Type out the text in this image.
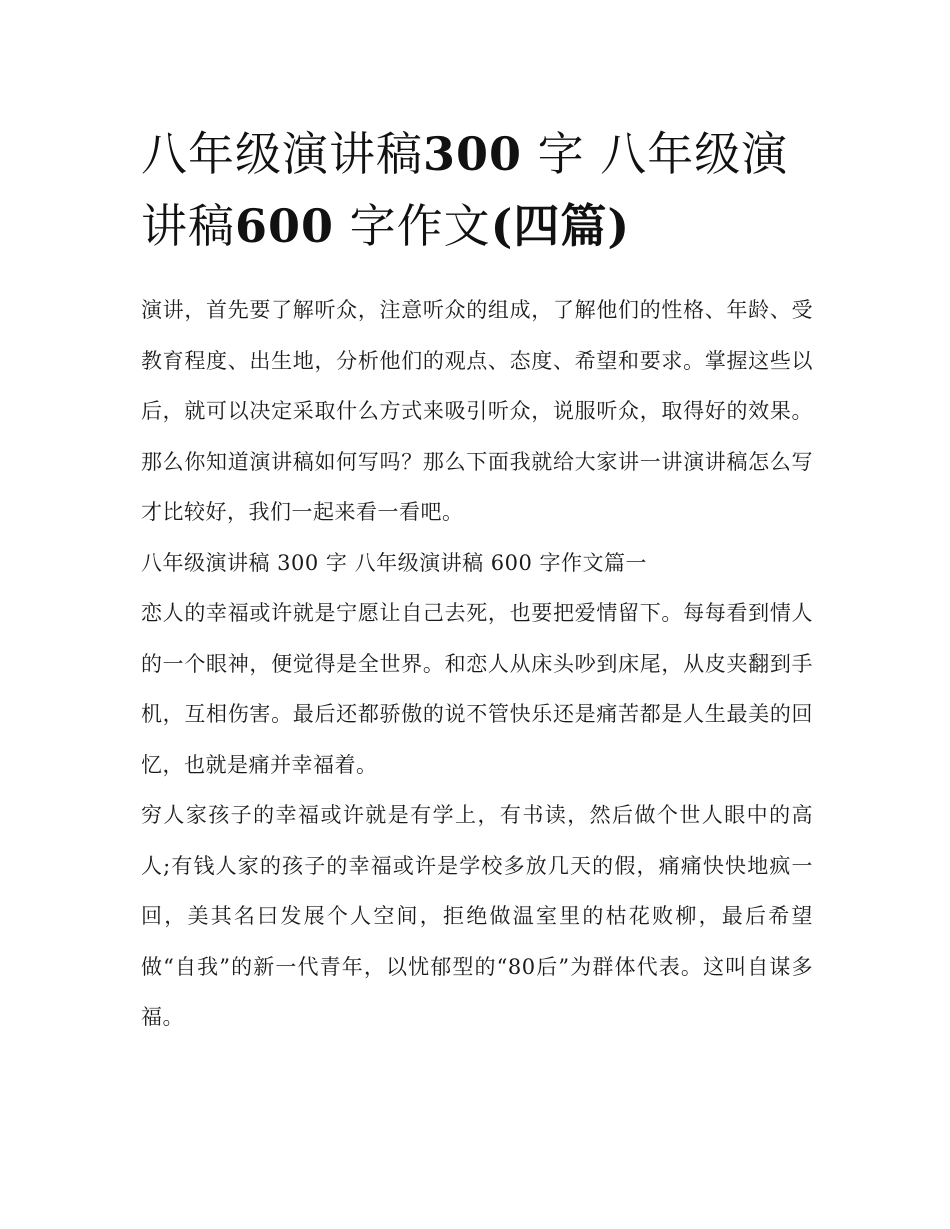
八年级演讲稿300 字 八年级演讲稿600 字作文(四篇)

演讲，首先要了解听众，注意听众的组成，了解他们的性格、年龄、受教育程度、出生地，分析他们的观点、态度、希望和要求。掌握这些以后，就可以决定采取什么方式来吸引听众，说服听众，取得好的效果。那么你知道演讲稿如何写吗？那么下面我就给大家讲一讲演讲稿怎么写才比较好，我们一起来看一看吧。

八年级演讲稿 300 字 八年级演讲稿 600 字作文篇一

恋人的幸福或许就是宁愿让自己去死，也要把爱情留下。每每看到情人的一个眼神，便觉得是全世界。和恋人从床头吵到床尾，从皮夹翻到手机，互相伤害。最后还都骄傲的说不管快乐还是痛苦都是人生最美的回忆，也就是痛并幸福着。

穷人家孩子的幸福或许就是有学上，有书读，然后做个世人眼中的高人;有钱人家的孩子的幸福或许是学校多放几天的假，痛痛快快地疯一回，美其名曰发展个人空间，拒绝做温室里的枯花败柳，最后希望做“自我”的新一代青年，以忧郁型的“80后”为群体代表。这叫自谋多福。
